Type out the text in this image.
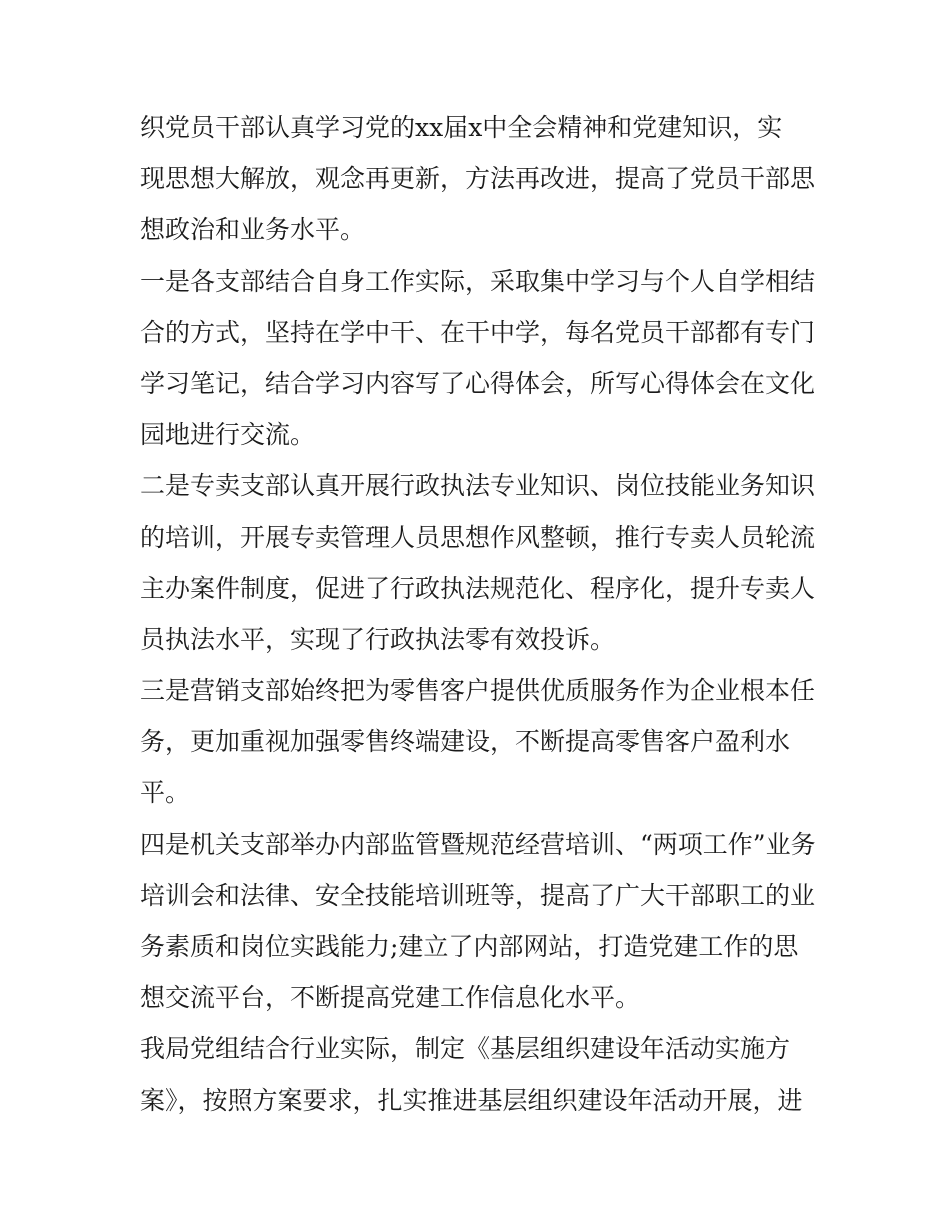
织党员干部认真学习党的xx届x中全会精神和党建知识，实
现思想大解放，观念再更新，方法再改进，提高了党员干部思
想政治和业务水平。
一是各支部结合自身工作实际，采取集中学习与个人自学相结
合的方式，坚持在学中干、在干中学，每名党员干部都有专门
学习笔记，结合学习内容写了心得体会，所写心得体会在文化
园地进行交流。
二是专卖支部认真开展行政执法专业知识、岗位技能业务知识
的培训，开展专卖管理人员思想作风整顿，推行专卖人员轮流
主办案件制度，促进了行政执法规范化、程序化，提升专卖人
员执法水平，实现了行政执法零有效投诉。
三是营销支部始终把为零售客户提供优质服务作为企业根本任
务，更加重视加强零售终端建设，不断提高零售客户盈利水
平。
四是机关支部举办内部监管暨规范经营培训、“两项工作”业务
培训会和法律、安全技能培训班等，提高了广大干部职工的业
务素质和岗位实践能力;建立了内部网站，打造党建工作的思
想交流平台，不断提高党建工作信息化水平。
我局党组结合行业实际，制定《基层组织建设年活动实施方
案》，按照方案要求，扎实推进基层组织建设年活动开展，进
